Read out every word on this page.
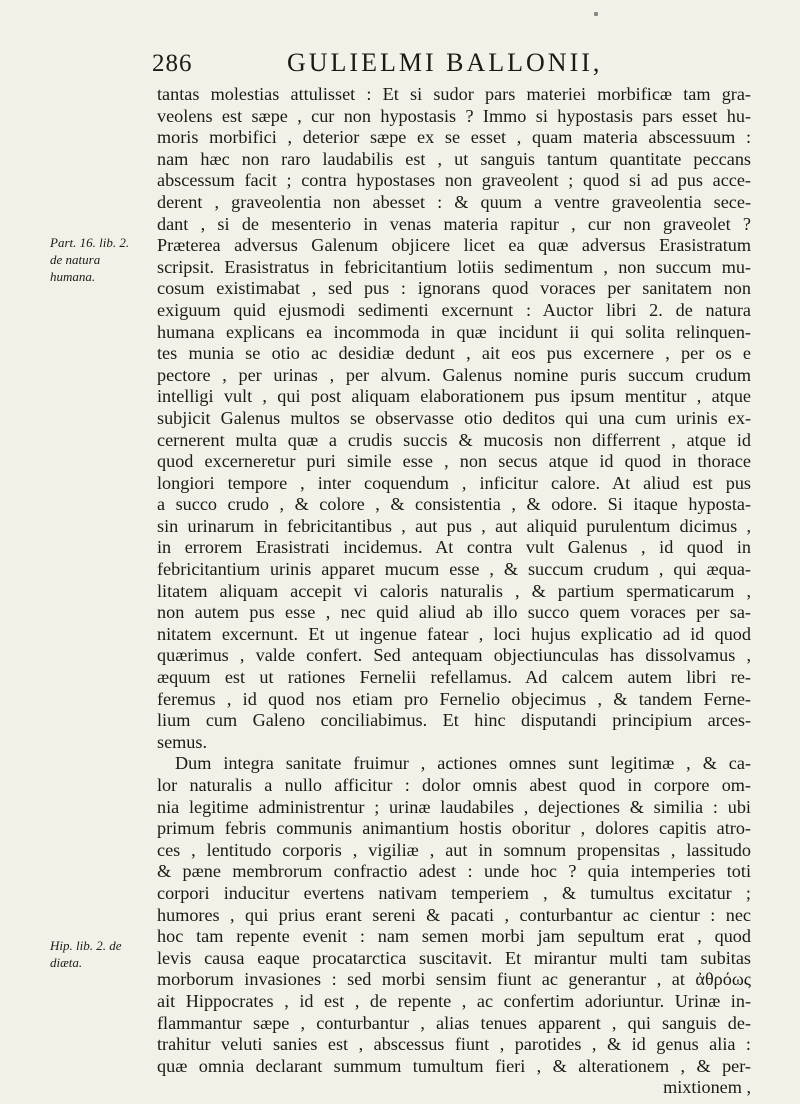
286	GULIELMI BALLONII,
Part. 16. lib. 2.
de natura
humana.
Hip. lib. 2. de
diæta.
tantas molestias attulisset : Et si sudor pars materiei morbificæ tam gra-
veolens est sæpe , cur non hypostasis ? Immo si hypostasis pars esset hu-
moris morbifici , deterior sæpe ex se esset , quam materia abscessuum :
nam hæc non raro laudabilis est , ut sanguis tantum quantitate peccans
abscessum facit ; contra hypostases non graveolent ; quod si ad pus acce-
derent , graveolentia non abesset : & quum a ventre graveolentia sece-
dant , si de mesenterio in venas materia rapitur , cur non graveolet ?
Præterea adversus Galenum objicere licet ea quæ adversus Erasistratum
scripsit. Erasistratus in febricitantium lotiis sedimentum , non succum mu-
cosum existimabat , sed pus : ignorans quod voraces per sanitatem non
exiguum quid ejusmodi sedimenti excernunt : Auctor libri 2. de natura
humana explicans ea incommoda in quæ incidunt ii qui solita relinquen-
tes munia se otio ac desidiæ dedunt , ait eos pus excernere , per os e
pectore , per urinas , per alvum. Galenus nomine puris succum crudum
intelligi vult , qui post aliquam elaborationem pus ipsum mentitur , atque
subjicit Galenus multos se observasse otio deditos qui una cum urinis ex-
cernerent multa quæ a crudis succis & mucosis non differrent , atque id
quod excerneretur puri simile esse , non secus atque id quod in thorace
longiori tempore , inter coquendum , inficitur calore. At aliud est pus
a succo crudo , & colore , & consistentia , & odore. Si itaque hyposta-
sin urinarum in febricitantibus , aut pus , aut aliquid purulentum dicimus ,
in errorem Erasistrati incidemus. At contra vult Galenus , id quod in
febricitantium urinis apparet mucum esse , & succum crudum , qui æqua-
litatem aliquam accepit vi caloris naturalis , & partium spermaticarum ,
non autem pus esse , nec quid aliud ab illo succo quem voraces per sa-
nitatem excernunt. Et ut ingenue fatear , loci hujus explicatio ad id quod
quærimus , valde confert. Sed antequam objectiunculas has dissolvamus ,
æquum est ut rationes Fernelii refellamus. Ad calcem autem libri re-
feremus , id quod nos etiam pro Fernelio objecimus , & tandem Ferne-
lium cum Galeno conciliabimus. Et hinc disputandi principium arces-
semus.
Dum integra sanitate fruimur , actiones omnes sunt legitimæ , & ca-
lor naturalis a nullo afficitur : dolor omnis abest quod in corpore om-
nia legitime administrentur ; urinæ laudabiles , dejectiones & similia : ubi
primum febris communis animantium hostis oboritur , dolores capitis atro-
ces , lentitudo corporis , vigiliæ , aut in somnum propensitas , lassitudo
& pæne membrorum confractio adest : unde hoc ? quia intemperies toti
corpori inducitur evertens nativam temperiem , & tumultus excitatur ;
humores , qui prius erant sereni & pacati , conturbantur ac cientur : nec
hoc tam repente evenit : nam semen morbi jam sepultum erat , quod
levis causa eaque procatarctica suscitavit. Et mirantur multi tam subitas
morborum invasiones : sed morbi sensim fiunt ac generantur , at ἀθρόως
ait Hippocrates , id est , de repente , ac confertim adoriuntur. Urinæ in-
flammantur sæpe , conturbantur , alias tenues apparent , qui sanguis de-
trahitur veluti sanies est , abscessus fiunt , parotides , & id genus alia :
quæ omnia declarant summum tumultum fieri , & alterationem , & per-
mixtionem ,
